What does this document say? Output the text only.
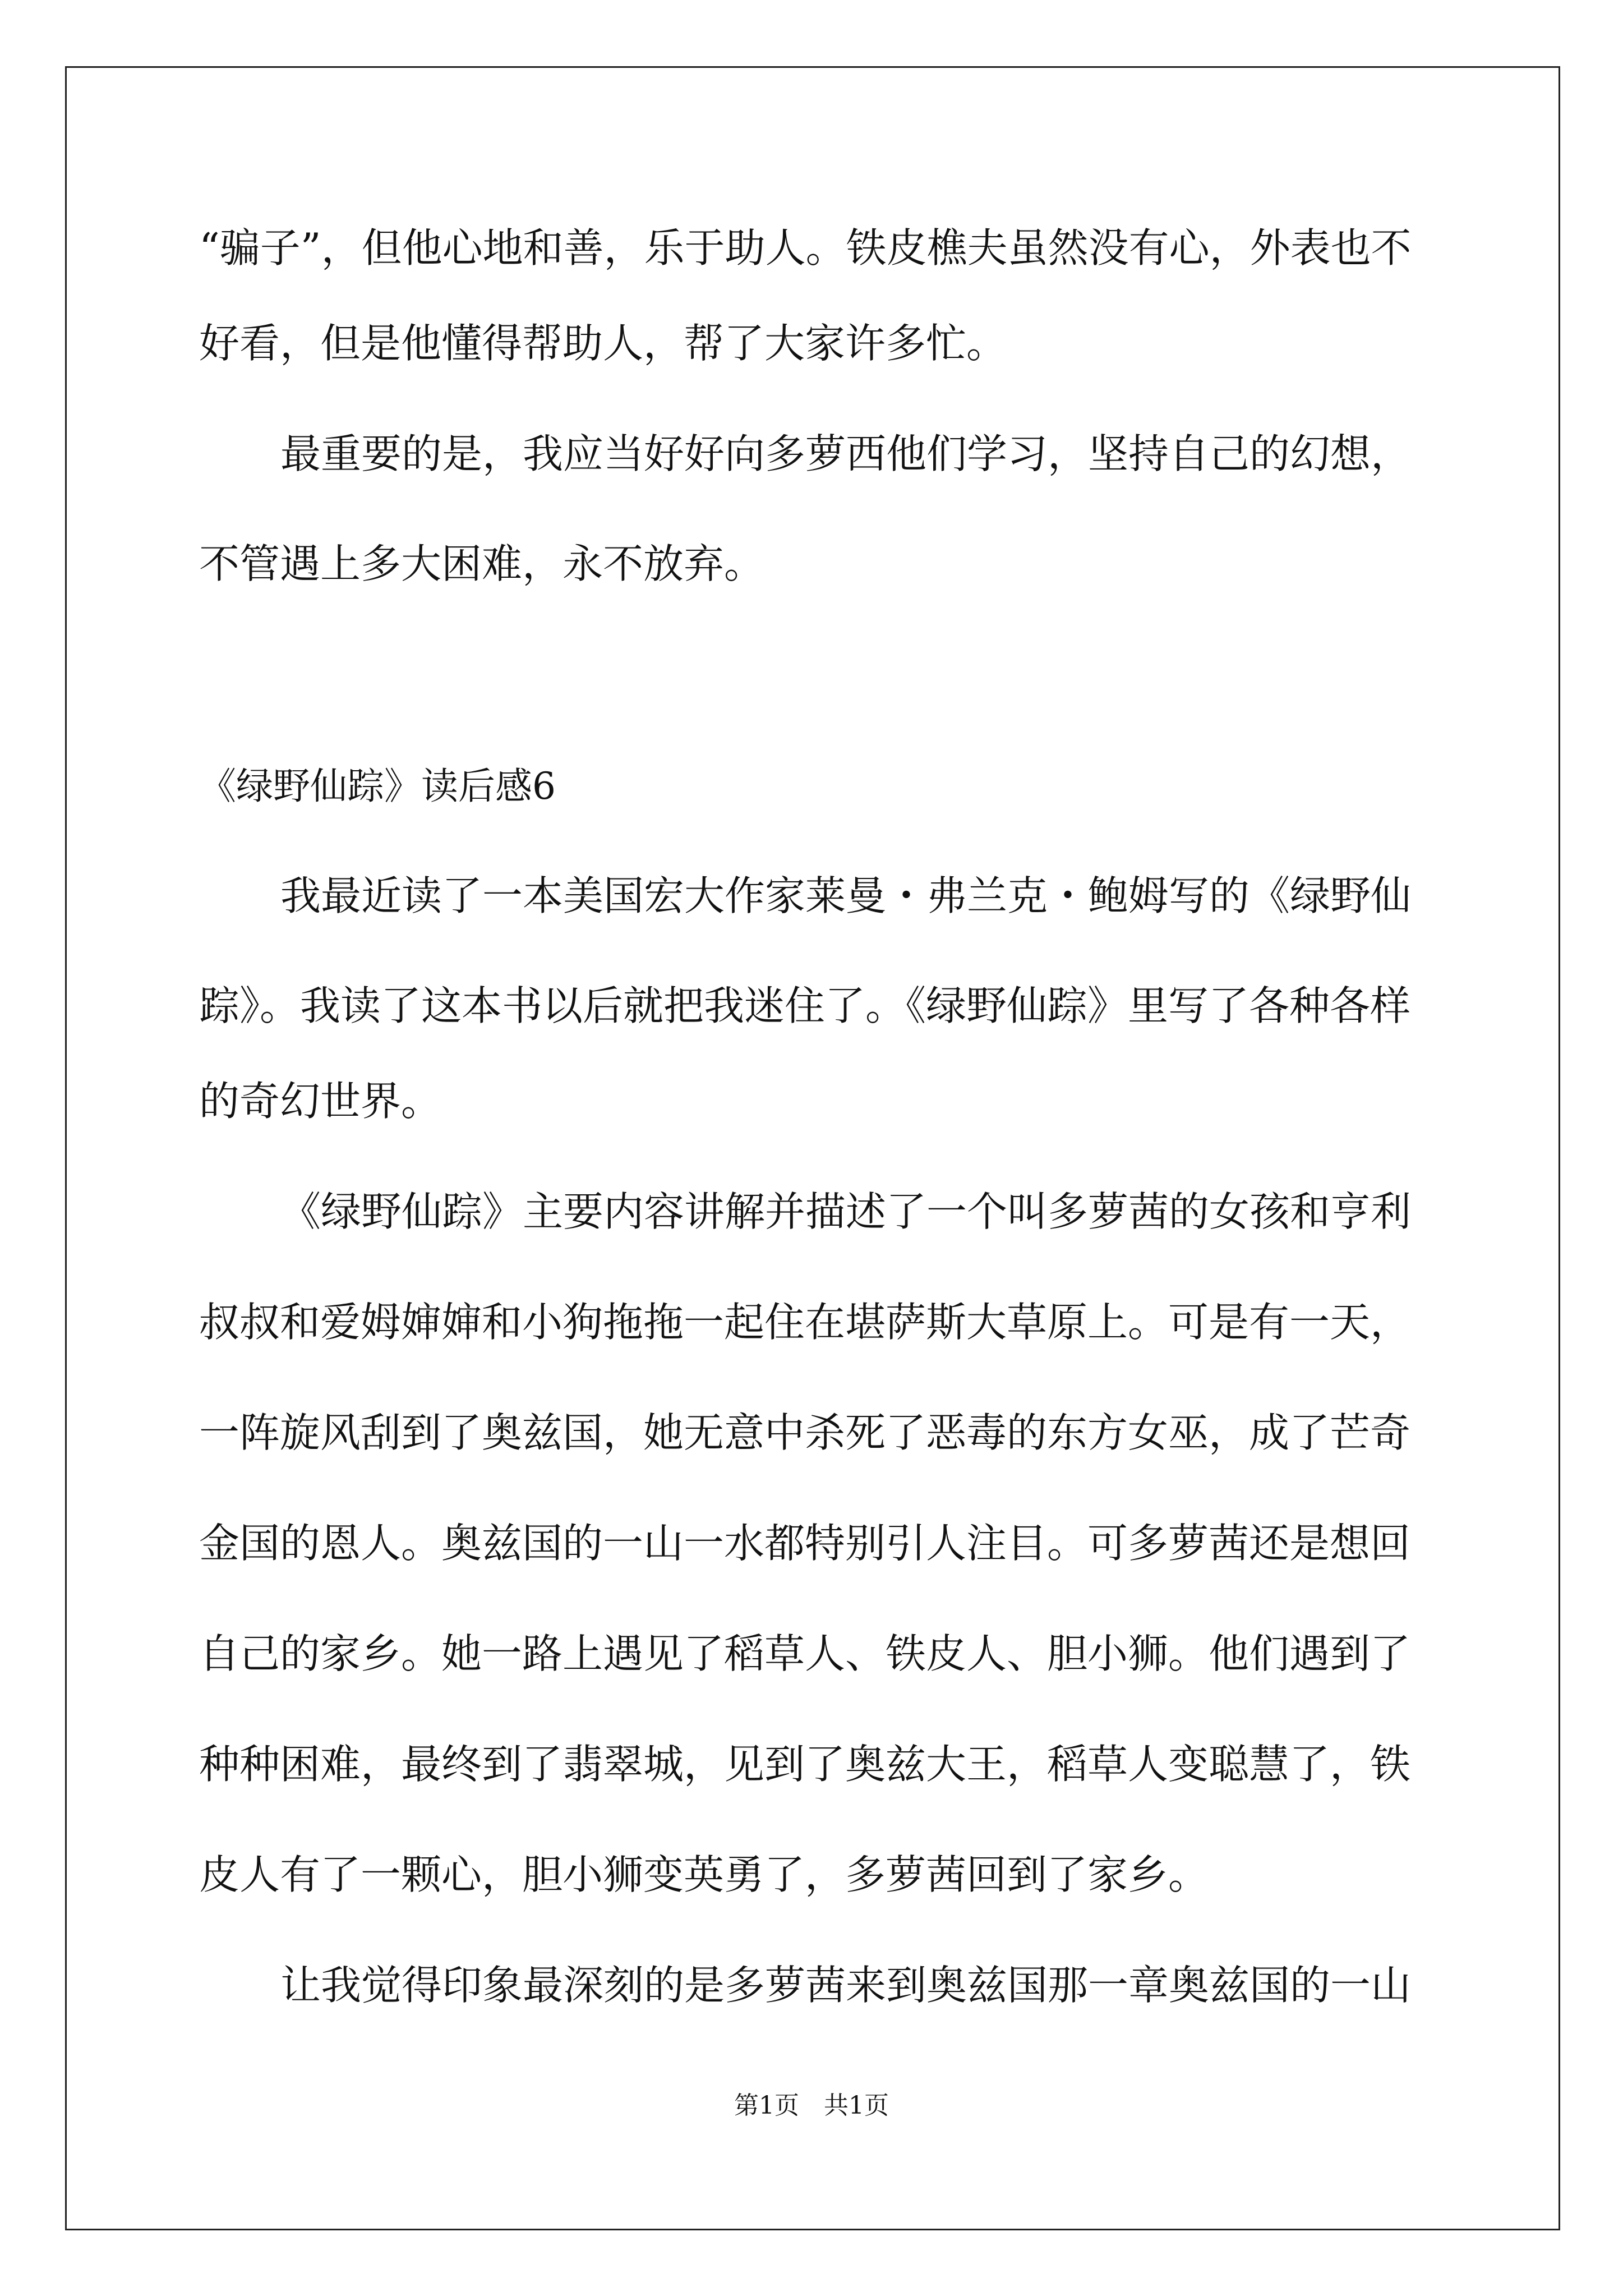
“骗子”，但他心地和善，乐于助人。铁皮樵夫虽然没有心，外表也不
好看，但是他懂得帮助人，帮了大家许多忙。
最重要的是，我应当好好向多萝西他们学习，坚持自己的幻想，
不管遇上多大困难，永不放弃。
《绿野仙踪》读后感6
我最近读了一本美国宏大作家莱曼・弗兰克・鲍姆写的《绿野仙
踪》。我读了这本书以后就把我迷住了。《绿野仙踪》里写了各种各样
的奇幻世界。
《绿野仙踪》主要内容讲解并描述了一个叫多萝茜的女孩和亨利
叔叔和爱姆婶婶和小狗拖拖一起住在堪萨斯大草原上。可是有一天，
一阵旋风刮到了奥兹国，她无意中杀死了恶毒的东方女巫，成了芒奇
金国的恩人。奥兹国的一山一水都特别引人注目。可多萝茜还是想回
自己的家乡。她一路上遇见了稻草人、铁皮人、胆小狮。他们遇到了
种种困难，最终到了翡翠城，见到了奥兹大王，稻草人变聪慧了，铁
皮人有了一颗心，胆小狮变英勇了，多萝茜回到了家乡。
让我觉得印象最深刻的是多萝茜来到奥兹国那一章奥兹国的一山
第1页　共1页
